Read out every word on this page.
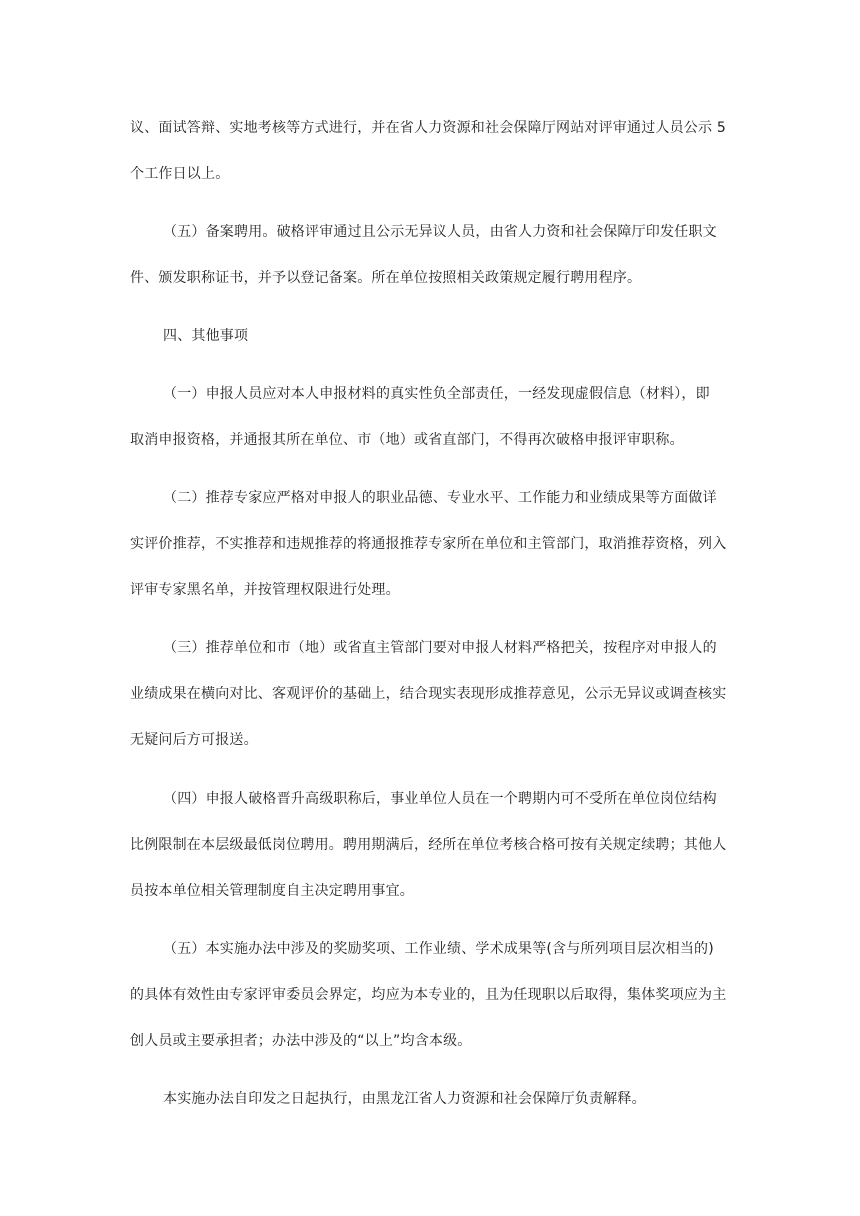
议、面试答辩、实地考核等方式进行，并在省人力资源和社会保障厅网站对评审通过人员公示 5

个工作日以上。

（五）备案聘用。破格评审通过且公示无异议人员，由省人力资和社会保障厅印发任职文

件、颁发职称证书，并予以登记备案。所在单位按照相关政策规定履行聘用程序。

四、其他事项

（一）申报人员应对本人申报材料的真实性负全部责任，一经发现虚假信息（材料），即

取消申报资格，并通报其所在单位、市（地）或省直部门，不得再次破格申报评审职称。

（二）推荐专家应严格对申报人的职业品德、专业水平、工作能力和业绩成果等方面做详

实评价推荐，不实推荐和违规推荐的将通报推荐专家所在单位和主管部门，取消推荐资格，列入

评审专家黑名单，并按管理权限进行处理。

（三）推荐单位和市（地）或省直主管部门要对申报人材料严格把关，按程序对申报人的

业绩成果在横向对比、客观评价的基础上，结合现实表现形成推荐意见，公示无异议或调查核实

无疑问后方可报送。

（四）申报人破格晋升高级职称后，事业单位人员在一个聘期内可不受所在单位岗位结构

比例限制在本层级最低岗位聘用。聘用期满后，经所在单位考核合格可按有关规定续聘；其他人

员按本单位相关管理制度自主决定聘用事宜。

（五）本实施办法中涉及的奖励奖项、工作业绩、学术成果等(含与所列项目层次相当的)

的具体有效性由专家评审委员会界定，均应为本专业的，且为任现职以后取得，集体奖项应为主

创人员或主要承担者；办法中涉及的“以上”均含本级。

本实施办法自印发之日起执行，由黑龙江省人力资源和社会保障厅负责解释。
